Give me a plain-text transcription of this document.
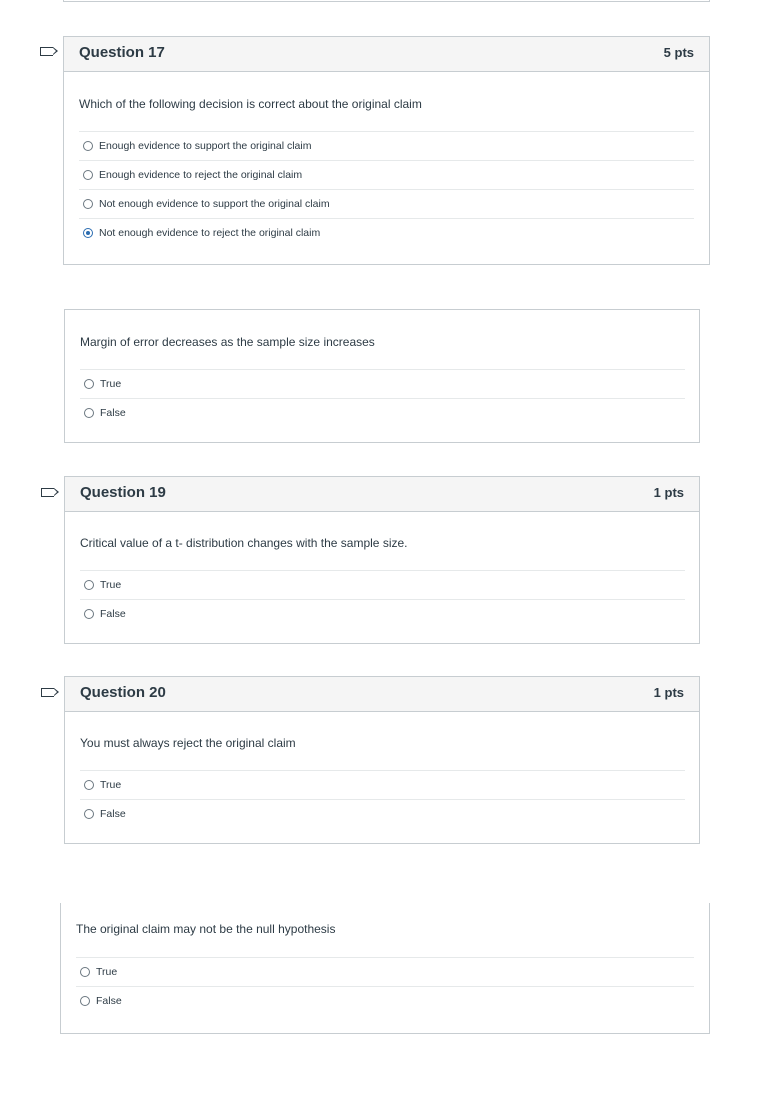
Question 17	5 pts
Which of the following decision is correct about the original claim
Enough evidence to support the original claim
Enough evidence to reject the original claim
Not enough evidence to support the original claim
Not enough evidence to reject the original claim
Margin of error decreases as the sample size increases
True
False
Question 19	1 pts
Critical value of a t- distribution changes with the sample size.
True
False
Question 20	1 pts
You must always reject the original claim
True
False
The original claim may not be the null hypothesis
True
False
